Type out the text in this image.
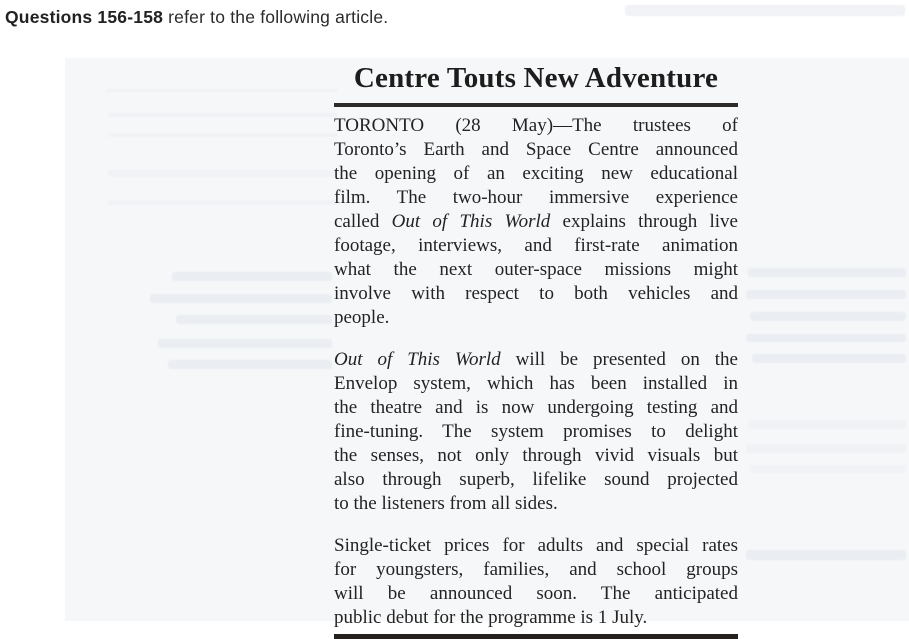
Questions 156-158 refer to the following article.
Centre Touts New Adventure
TORONTO (28 May)—The trustees of
Toronto’s Earth and Space Centre announced
the opening of an exciting new educational
film. The two-hour immersive experience
called Out of This World explains through live
footage, interviews, and first-rate animation
what the next outer-space missions might
involve with respect to both vehicles and
people.
Out of This World will be presented on the
Envelop system, which has been installed in
the theatre and is now undergoing testing and
fine-tuning. The system promises to delight
the senses, not only through vivid visuals but
also through superb, lifelike sound projected
to the listeners from all sides.
Single-ticket prices for adults and special rates
for youngsters, families, and school groups
will be announced soon. The anticipated
public debut for the programme is 1 July.
